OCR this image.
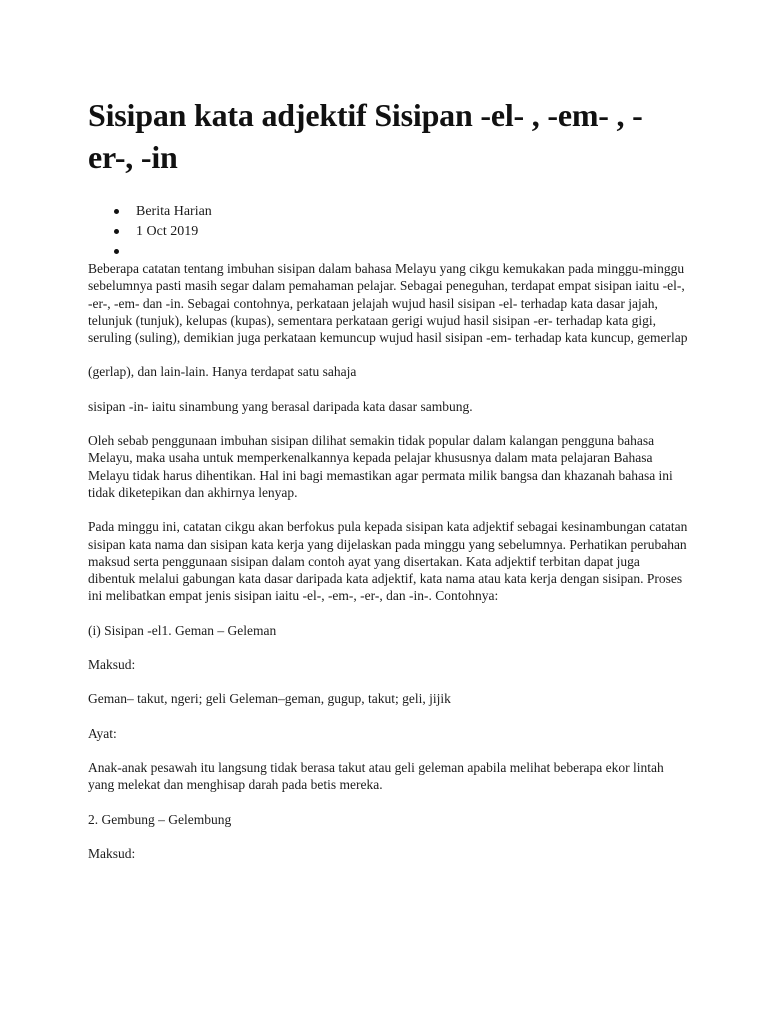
Sisipan kata adjektif Sisipan -el- , -em- , - er-, -in
Berita Harian
1 Oct 2019

Beberapa catatan tentang imbuhan sisipan dalam bahasa Melayu yang cikgu kemukakan pada minggu-minggu sebelumnya pasti masih segar dalam pemahaman pelajar. Sebagai peneguhan, terdapat empat sisipan iaitu -el-, -er-, -em- dan -in. Sebagai contohnya, perkataan jelajah wujud hasil sisipan -el- terhadap kata dasar jajah, telunjuk (tunjuk), kelupas (kupas), sementara perkataan gerigi wujud hasil sisipan -er- terhadap kata gigi, seruling (suling), demikian juga perkataan kemuncup wujud hasil sisipan -em- terhadap kata kuncup, gemerlap

(gerlap), dan lain-lain. Hanya terdapat satu sahaja

sisipan -in- iaitu sinambung yang berasal daripada kata dasar sambung.

Oleh sebab penggunaan imbuhan sisipan dilihat semakin tidak popular dalam kalangan pengguna bahasa Melayu, maka usaha untuk memperkenalkannya kepada pelajar khususnya dalam mata pelajaran Bahasa Melayu tidak harus dihentikan. Hal ini bagi memastikan agar permata milik bangsa dan khazanah bahasa ini tidak diketepikan dan akhirnya lenyap.

Pada minggu ini, catatan cikgu akan berfokus pula kepada sisipan kata adjektif sebagai kesinambungan catatan sisipan kata nama dan sisipan kata kerja yang dijelaskan pada minggu yang sebelumnya. Perhatikan perubahan maksud serta penggunaan sisipan dalam contoh ayat yang disertakan. Kata adjektif terbitan dapat juga dibentuk melalui gabungan kata dasar daripada kata adjektif, kata nama atau kata kerja dengan sisipan. Proses ini melibatkan empat jenis sisipan iaitu -el-, -em-, -er-, dan -in-. Contohnya:

(i) Sisipan -el1. Geman – Geleman

Maksud:

Geman– takut, ngeri; geli Geleman–geman, gugup, takut; geli, jijik

Ayat:

Anak-anak pesawah itu langsung tidak berasa takut atau geli geleman apabila melihat beberapa ekor lintah yang melekat dan menghisap darah pada betis mereka.

2. Gembung – Gelembung

Maksud:
